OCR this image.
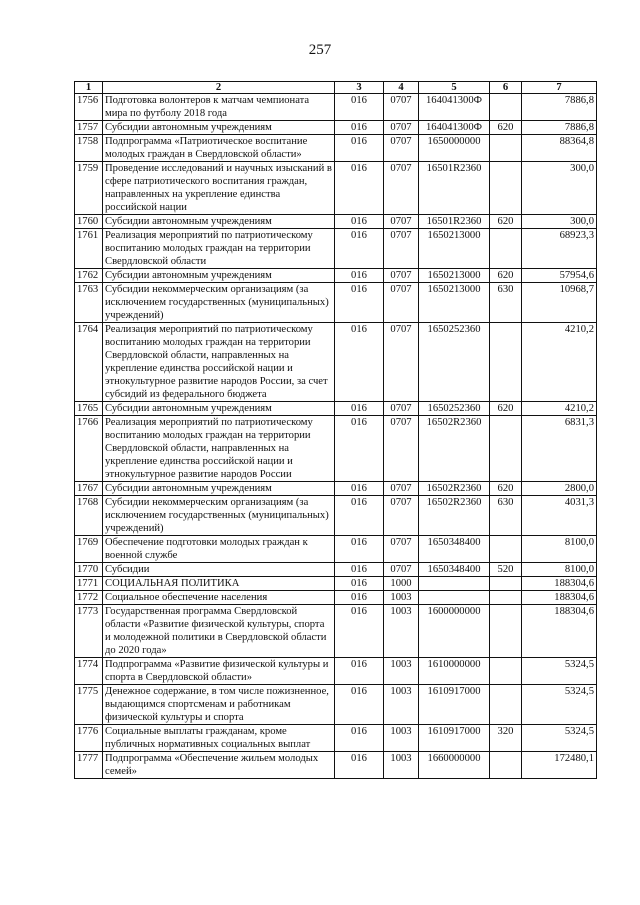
257
1	2	3	4	5	6	7
1756	Подготовка волонтеров к матчам чемпионата мира по футболу 2018 года	016	0707	164041300Ф		7886,8
1757	Субсидии автономным учреждениям	016	0707	164041300Ф	620	7886,8
1758	Подпрограмма «Патриотическое воспитание молодых граждан в Свердловской области»	016	0707	1650000000		88364,8
1759	Проведение исследований и научных изысканий в сфере патриотического воспитания граждан, направленных на укрепление единства российской нации	016	0707	16501R2360		300,0
1760	Субсидии автономным учреждениям	016	0707	16501R2360	620	300,0
1761	Реализация мероприятий по патриотическому воспитанию молодых граждан на территории Свердловской области	016	0707	1650213000		68923,3
1762	Субсидии автономным учреждениям	016	0707	1650213000	620	57954,6
1763	Субсидии некоммерческим организациям (за исключением государственных (муниципальных) учреждений)	016	0707	1650213000	630	10968,7
1764	Реализация мероприятий по патриотическому воспитанию молодых граждан на территории Свердловской области, направленных на укрепление единства российской нации и этнокультурное развитие народов России, за счет субсидий из федерального бюджета	016	0707	1650252360		4210,2
1765	Субсидии автономным учреждениям	016	0707	1650252360	620	4210,2
1766	Реализация мероприятий по патриотическому воспитанию молодых граждан на территории Свердловской области, направленных на укрепление единства российской нации и этнокультурное развитие народов России	016	0707	16502R2360		6831,3
1767	Субсидии автономным учреждениям	016	0707	16502R2360	620	2800,0
1768	Субсидии некоммерческим организациям (за исключением государственных (муниципальных) учреждений)	016	0707	16502R2360	630	4031,3
1769	Обеспечение подготовки молодых граждан к военной службе	016	0707	1650348400		8100,0
1770	Субсидии	016	0707	1650348400	520	8100,0
1771	СОЦИАЛЬНАЯ ПОЛИТИКА	016	1000			188304,6
1772	Социальное обеспечение населения	016	1003			188304,6
1773	Государственная программа Свердловской области «Развитие физической культуры, спорта и молодежной политики в Свердловской области до 2020 года»	016	1003	1600000000		188304,6
1774	Подпрограмма «Развитие физической культуры и спорта в Свердловской области»	016	1003	1610000000		5324,5
1775	Денежное содержание, в том числе пожизненное, выдающимся спортсменам и работникам физической культуры и спорта	016	1003	1610917000		5324,5
1776	Социальные выплаты гражданам, кроме публичных нормативных социальных выплат	016	1003	1610917000	320	5324,5
1777	Подпрограмма «Обеспечение жильем молодых семей»	016	1003	1660000000		172480,1
